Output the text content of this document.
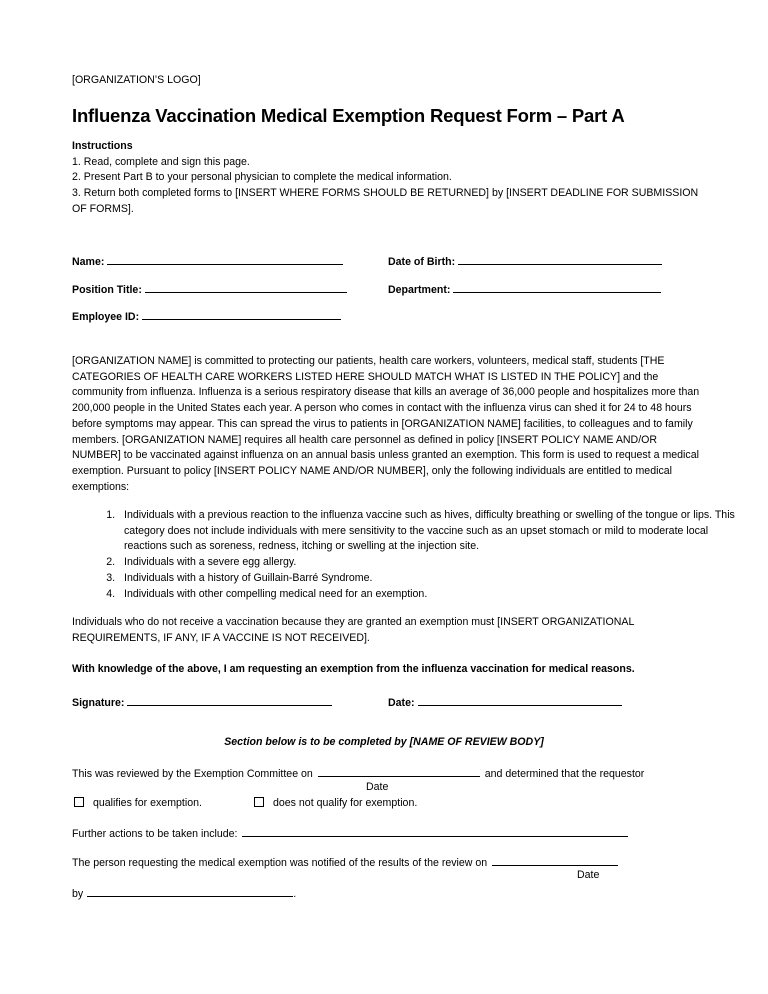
[ORGANIZATION’S LOGO]
Influenza Vaccination Medical Exemption Request Form – Part A
Instructions
1. Read, complete and sign this page.
2. Present Part B to your personal physician to complete the medical information.
3. Return both completed forms to [INSERT WHERE FORMS SHOULD BE RETURNED] by [INSERT DEADLINE FOR SUBMISSION OF FORMS].
Name:	Date of Birth:
Position Title:	Department:
Employee ID:
[ORGANIZATION NAME] is committed to protecting our patients, health care workers, volunteers, medical staff, students [THE CATEGORIES OF HEALTH CARE WORKERS LISTED HERE SHOULD MATCH WHAT IS LISTED IN THE POLICY] and the community from influenza. Influenza is a serious respiratory disease that kills an average of 36,000 people and hospitalizes more than 200,000 people in the United States each year. A person who comes in contact with the influenza virus can shed it for 24 to 48 hours before symptoms may appear. This can spread the virus to patients in [ORGANIZATION NAME] facilities, to colleagues and to family members. [ORGANIZATION NAME] requires all health care personnel as defined in policy [INSERT POLICY NAME AND/OR NUMBER] to be vaccinated against influenza on an annual basis unless granted an exemption. This form is used to request a medical exemption. Pursuant to policy [INSERT POLICY NAME AND/OR NUMBER], only the following individuals are entitled to medical exemptions:
1. Individuals with a previous reaction to the influenza vaccine such as hives, difficulty breathing or swelling of the tongue or lips. This category does not include individuals with mere sensitivity to the vaccine such as an upset stomach or mild to moderate local reactions such as soreness, redness, itching or swelling at the injection site.
2. Individuals with a severe egg allergy.
3. Individuals with a history of Guillain-Barré Syndrome.
4. Individuals with other compelling medical need for an exemption.
Individuals who do not receive a vaccination because they are granted an exemption must [INSERT ORGANIZATIONAL REQUIREMENTS, IF ANY, IF A VACCINE IS NOT RECEIVED].
With knowledge of the above, I am requesting an exemption from the influenza vaccination for medical reasons.
Signature:	Date:
Section below is to be completed by [NAME OF REVIEW BODY]
This was reviewed by the Exemption Committee on	and determined that the requestor
Date
qualifies for exemption.	does not qualify for exemption.
Further actions to be taken include:
The person requesting the medical exemption was notified of the results of the review on
Date
by	.
